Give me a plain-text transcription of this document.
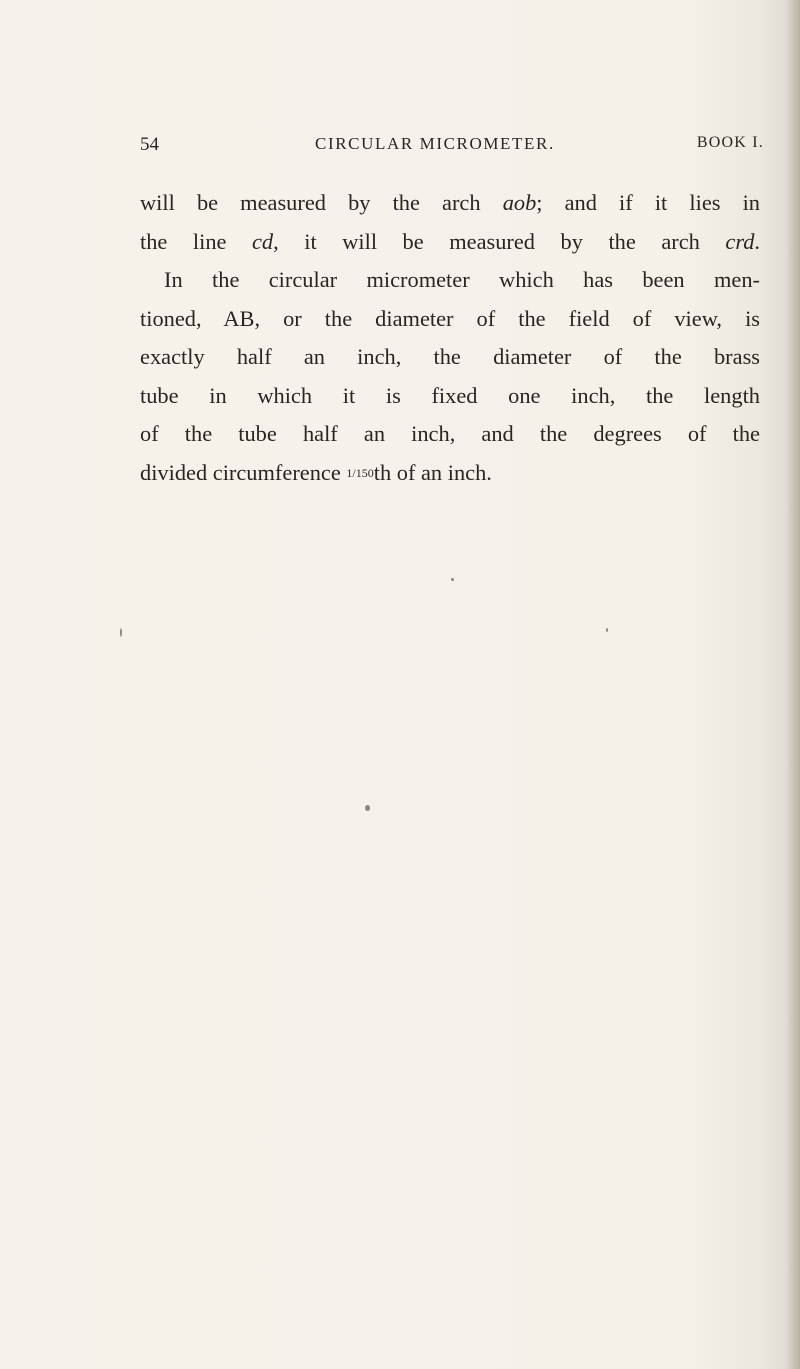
54	CIRCULAR MICROMETER.	BOOK I.
will be measured by the arch aob; and if it lies in
the line cd, it will be measured by the arch crd.
In the circular micrometer which has been men-
tioned, AB, or the diameter of the field of view, is
exactly half an inch, the diameter of the brass
tube in which it is fixed one inch, the length
of the tube half an inch, and the degrees of the
divided circumference 1/150th of an inch.
